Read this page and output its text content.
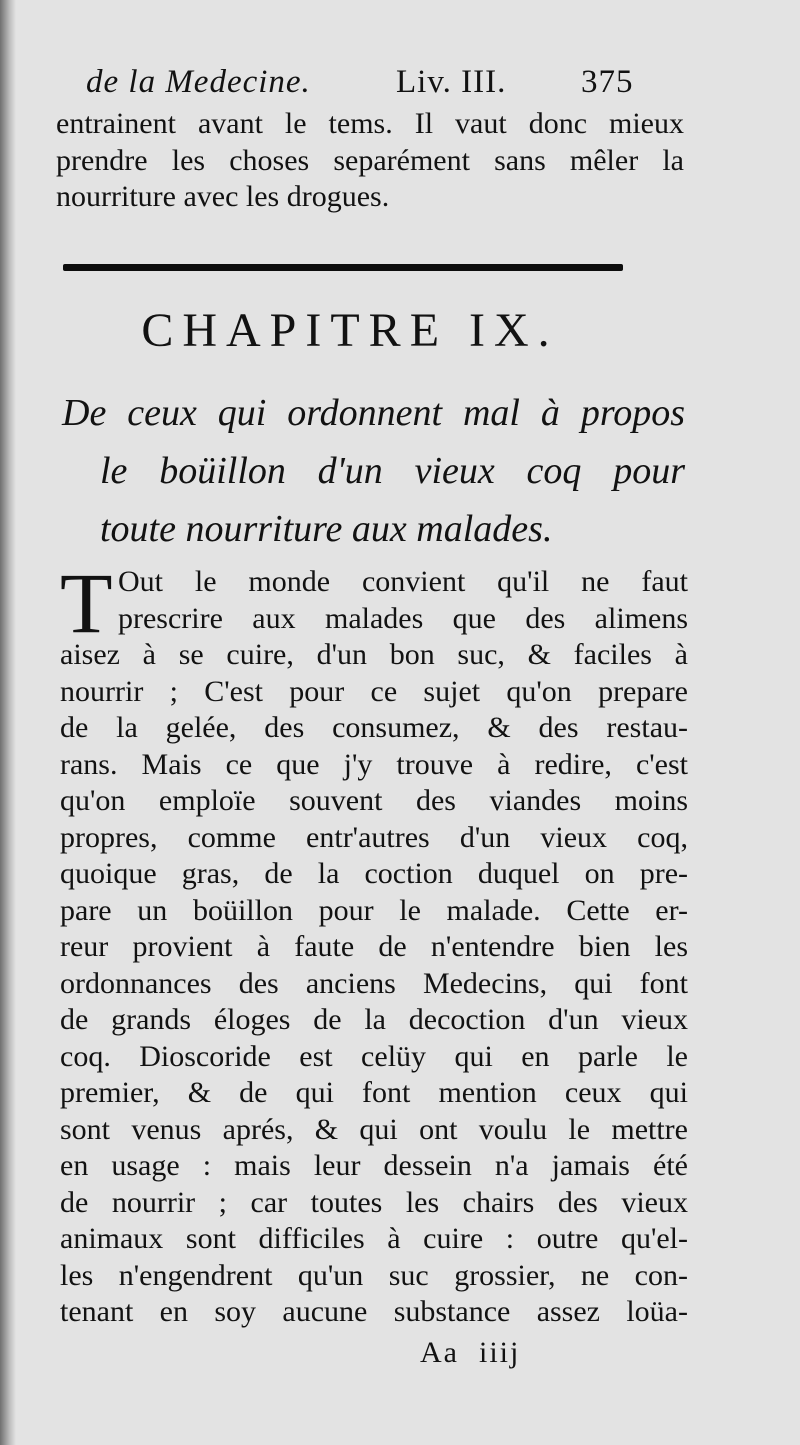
de la Medecine.	Liv. III. 375
entrainent avant le tems. Il vaut donc mieux
prendre les choses separément sans mêler la
nourriture avec les drogues.
CHAPITRE IX.
De ceux qui ordonnent mal à propos
le boüillon d'un vieux coq pour
toute nourriture aux malades.
T Out le monde convient qu'il ne faut
prescrire aux malades que des alimens
aisez à se cuire, d'un bon suc, & faciles à
nourrir ; C'est pour ce sujet qu'on prepare
de la gelée, des consumez, & des restau-
rans. Mais ce que j'y trouve à redire, c'est
qu'on emploïe souvent des viandes moins
propres, comme entr'autres d'un vieux coq,
quoique gras, de la coction duquel on pre-
pare un boüillon pour le malade. Cette er-
reur provient à faute de n'entendre bien les
ordonnances des anciens Medecins, qui font
de grands éloges de la decoction d'un vieux
coq. Dioscoride est celüy qui en parle le
premier, & de qui font mention ceux qui
sont venus aprés, & qui ont voulu le mettre
en usage : mais leur dessein n'a jamais été
de nourrir ; car toutes les chairs des vieux
animaux sont difficiles à cuire : outre qu'el-
les n'engendrent qu'un suc grossier, ne con-
tenant en soy aucune substance assez loüa-
Aa iiij
